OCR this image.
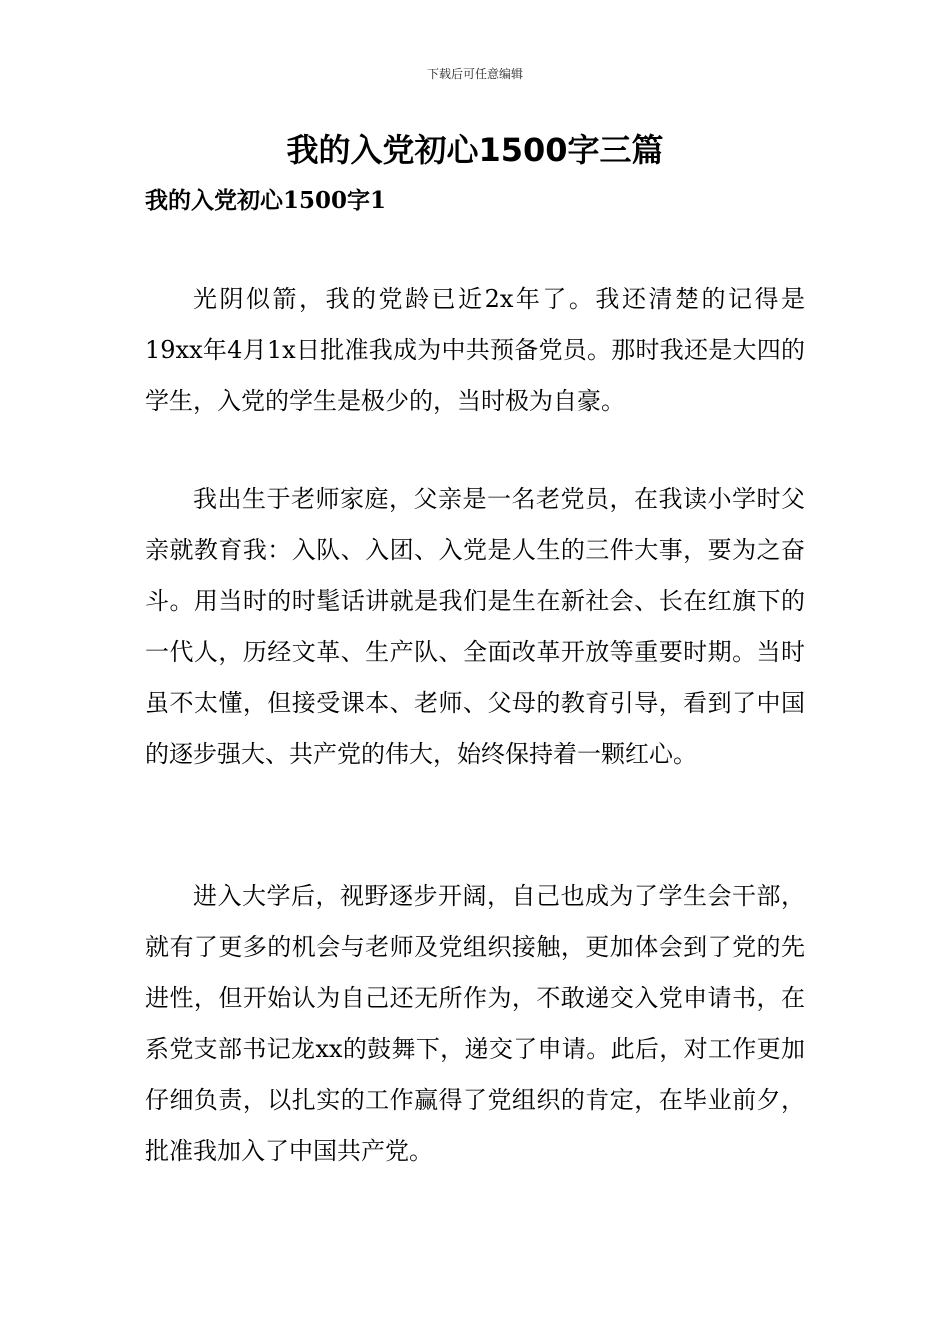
下载后可任意编辑
我的入党初心1500字三篇
我的入党初心1500字1

光阴似箭，我的党龄已近2x年了。我还清楚的记得是19xx年4月1x日批准我成为中共预备党员。那时我还是大四的学生，入党的学生是极少的，当时极为自豪。

我出生于老师家庭，父亲是一名老党员，在我读小学时父亲就教育我：入队、入团、入党是人生的三件大事，要为之奋斗。用当时的时髦话讲就是我们是生在新社会、长在红旗下的一代人，历经文革、生产队、全面改革开放等重要时期。当时虽不太懂，但接受课本、老师、父母的教育引导，看到了中国的逐步强大、共产党的伟大，始终保持着一颗红心。

进入大学后，视野逐步开阔，自己也成为了学生会干部，就有了更多的机会与老师及党组织接触，更加体会到了党的先进性，但开始认为自己还无所作为，不敢递交入党申请书，在系党支部书记龙xx的鼓舞下，递交了申请。此后，对工作更加仔细负责，以扎实的工作赢得了党组织的肯定，在毕业前夕，批准我加入了中国共产党。
